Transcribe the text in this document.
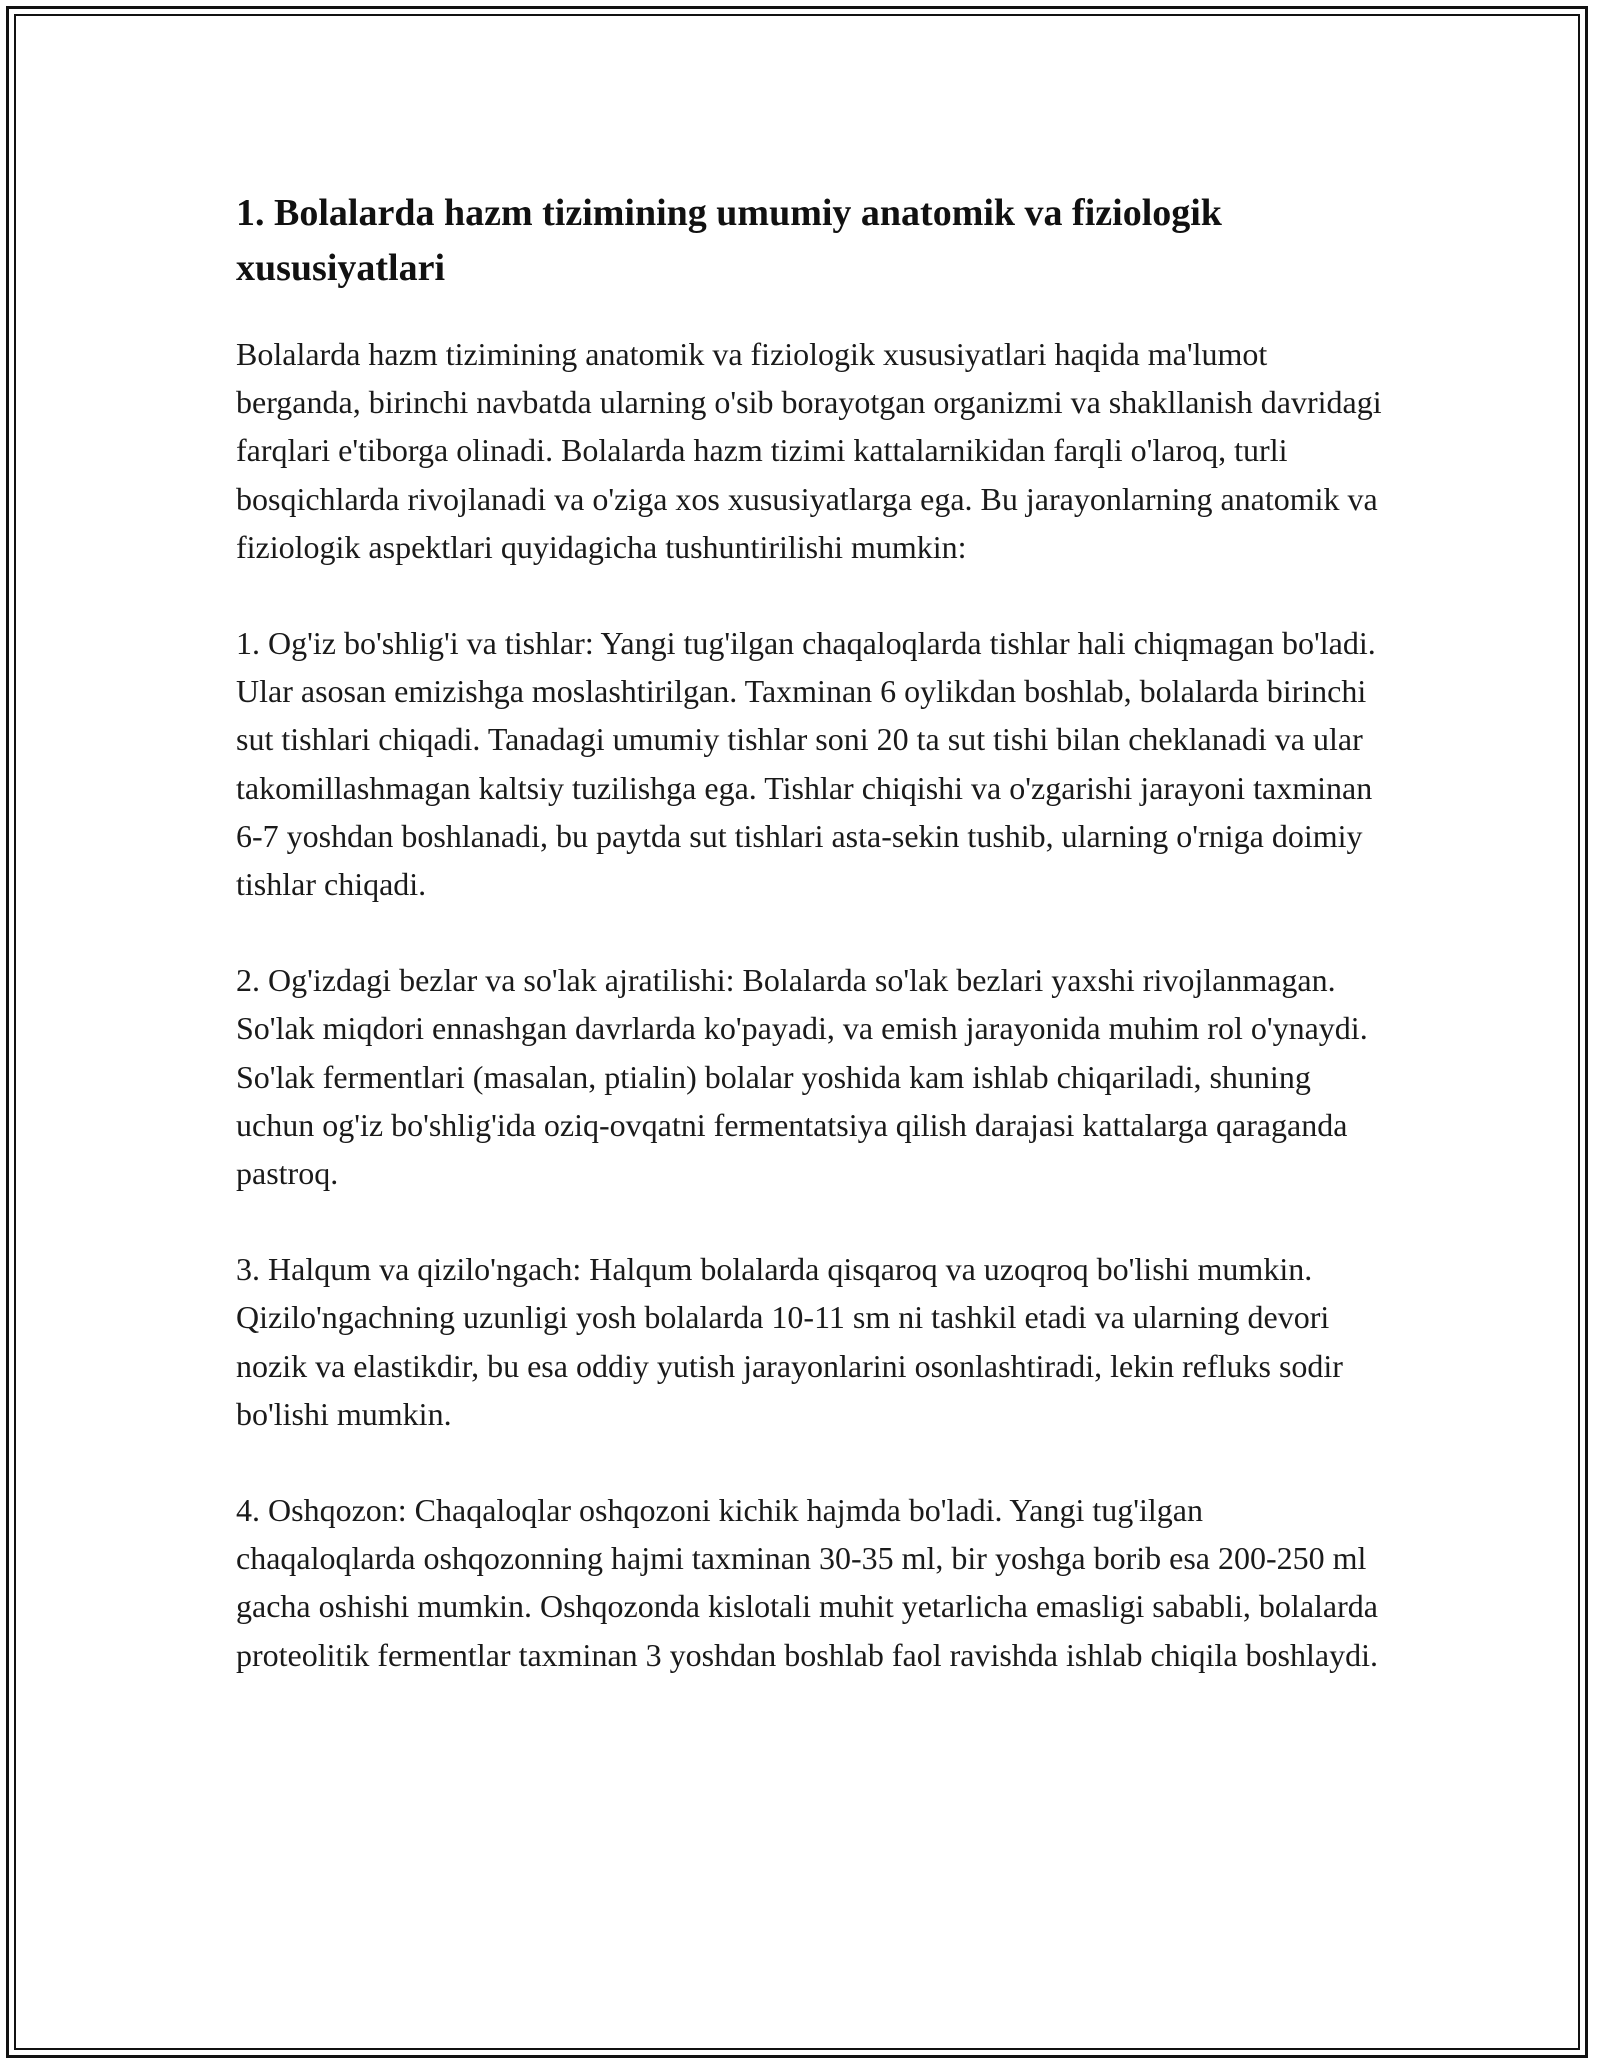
1. Bolalarda hazm tizimining umumiy anatomik va fiziologik xususiyatlari

Bolalarda hazm tizimining anatomik va fiziologik xususiyatlari haqida ma'lumot berganda, birinchi navbatda ularning o'sib borayotgan organizmi va shakllanish davridagi farqlari e'tiborga olinadi. Bolalarda hazm tizimi kattalarnikidan farqli o'laroq, turli bosqichlarda rivojlanadi va o'ziga xos xususiyatlarga ega. Bu jarayonlarning anatomik va fiziologik aspektlari quyidagicha tushuntirilishi mumkin:

1. Og'iz bo'shlig'i va tishlar: Yangi tug'ilgan chaqaloqlarda tishlar hali chiqmagan bo'ladi. Ular asosan emizishga moslashtirilgan. Taxminan 6 oylikdan boshlab, bolalarda birinchi sut tishlari chiqadi. Tanadagi umumiy tishlar soni 20 ta sut tishi bilan cheklanadi va ular takomillashmagan kaltsiy tuzilishga ega. Tishlar chiqishi va o'zgarishi jarayoni taxminan 6-7 yoshdan boshlanadi, bu paytda sut tishlari asta-sekin tushib, ularning o'rniga doimiy tishlar chiqadi.

2. Og'izdagi bezlar va so'lak ajratilishi: Bolalarda so'lak bezlari yaxshi rivojlanmagan. So'lak miqdori ennashgan davrlarda ko'payadi, va emish jarayonida muhim rol o'ynaydi. So'lak fermentlari (masalan, ptialin) bolalar yoshida kam ishlab chiqariladi, shuning uchun og'iz bo'shlig'ida oziq-ovqatni fermentatsiya qilish darajasi kattalarga qaraganda pastroq.

3. Halqum va qizilo'ngach: Halqum bolalarda qisqaroq va uzoqroq bo'lishi mumkin. Qizilo'ngachning uzunligi yosh bolalarda 10-11 sm ni tashkil etadi va ularning devori nozik va elastikdir, bu esa oddiy yutish jarayonlarini osonlashtiradi, lekin refluks sodir bo'lishi mumkin.

4. Oshqozon: Chaqaloqlar oshqozoni kichik hajmda bo'ladi. Yangi tug'ilgan chaqaloqlarda oshqozonning hajmi taxminan 30-35 ml, bir yoshga borib esa 200-250 ml gacha oshishi mumkin. Oshqozonda kislotali muhit yetarlicha emasligi sababli, bolalarda proteolitik fermentlar taxminan 3 yoshdan boshlab faol ravishda ishlab chiqila boshlaydi.
